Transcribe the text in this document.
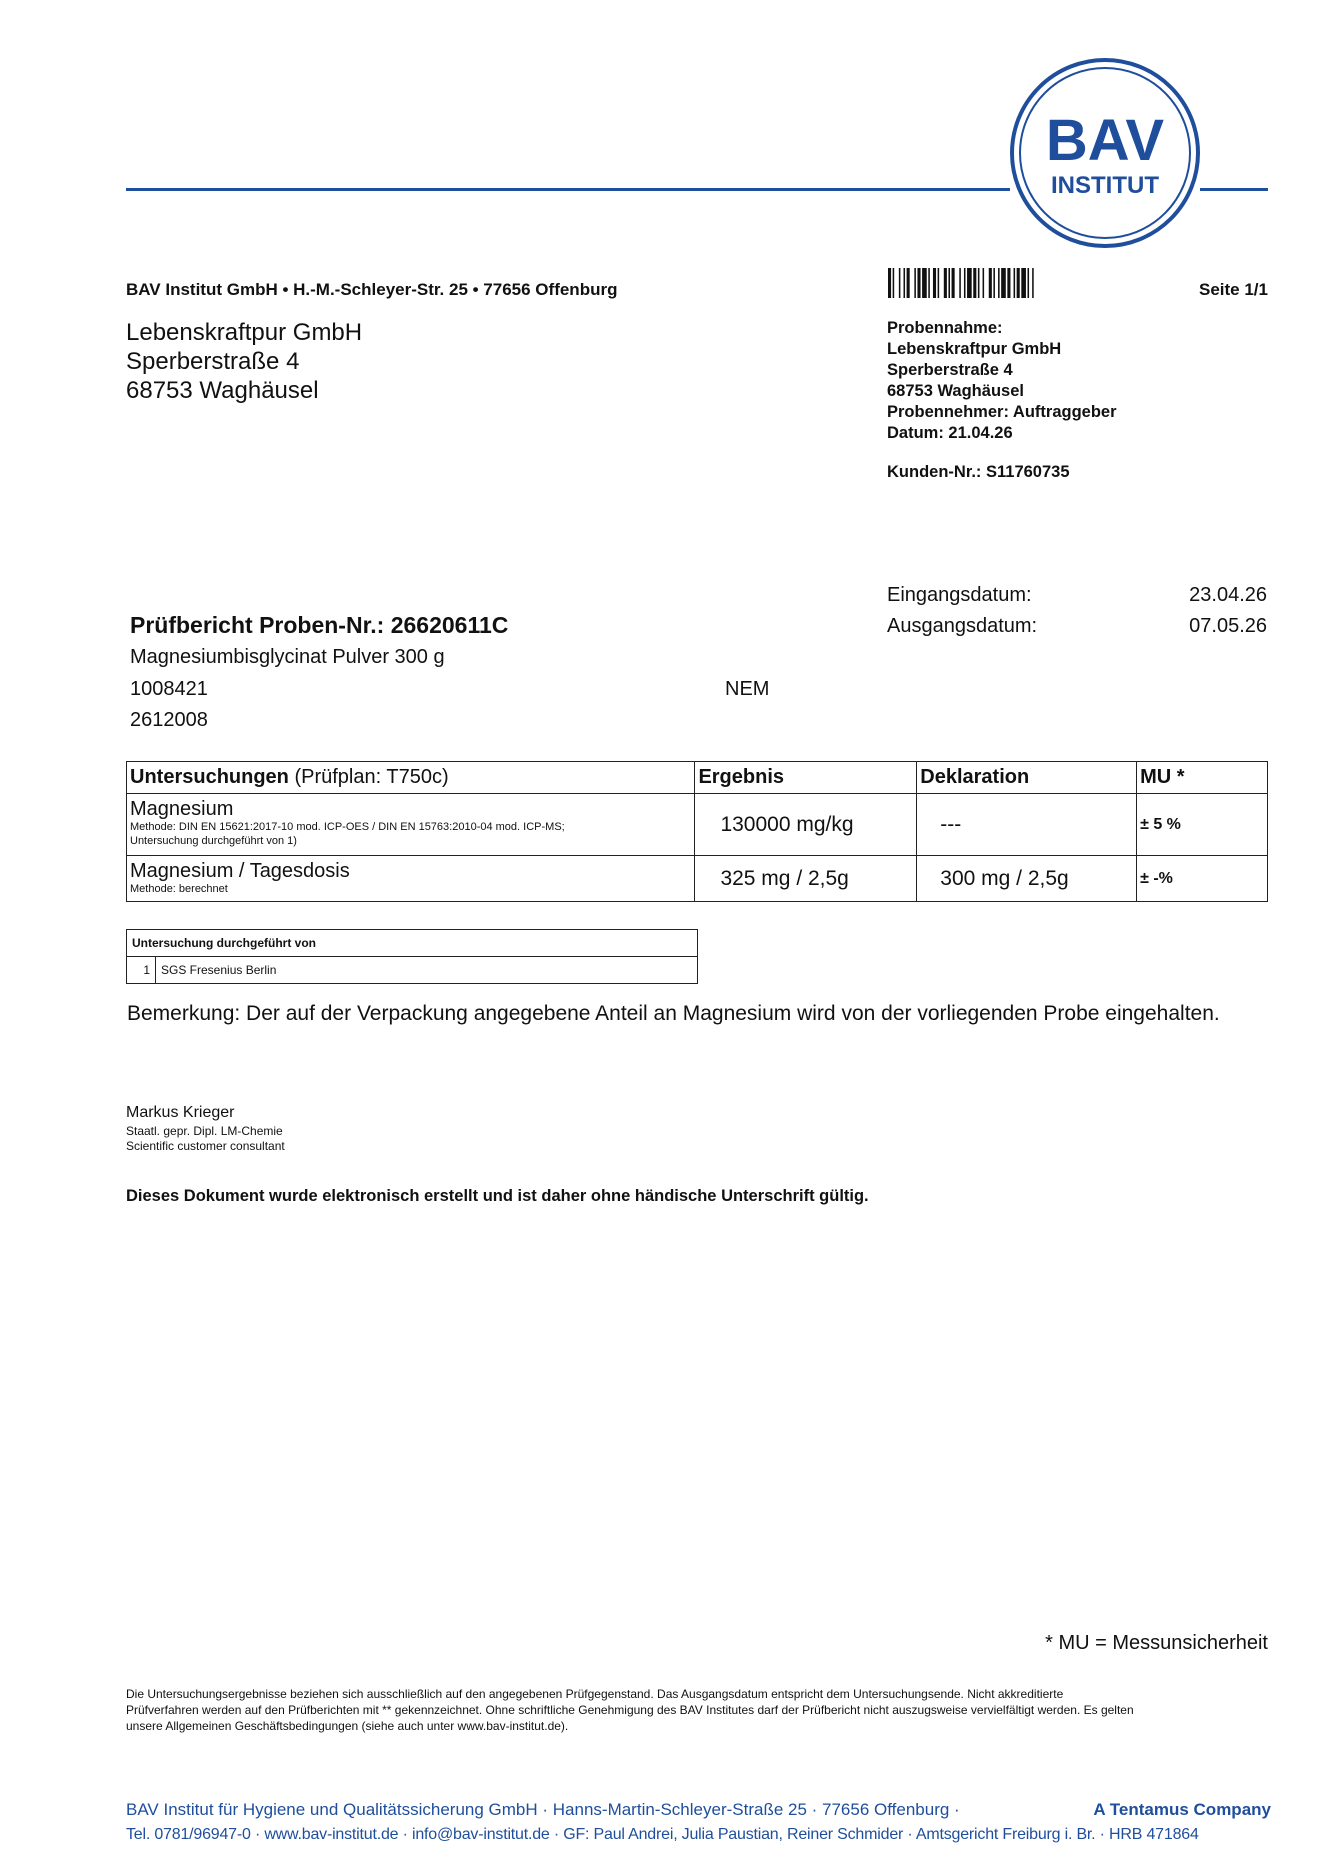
BAV
INSTITUT
BAV Institut GmbH • H.-M.-Schleyer-Str. 25 • 77656 Offenburg	Seite 1/1
Lebenskraftpur GmbH
Sperberstraße 4
68753 Waghäusel
Probennahme:
Lebenskraftpur GmbH
Sperberstraße 4
68753 Waghäusel
Probennehmer: Auftraggeber
Datum: 21.04.26
Kunden-Nr.: S11760735
Eingangsdatum:	23.04.26
Ausgangsdatum:	07.05.26
Prüfbericht Proben-Nr.: 26620611C
Magnesiumbisglycinat Pulver 300 g
1008421	NEM
2612008
Untersuchungen (Prüfplan: T750c)	Ergebnis	Deklaration	MU *

Magnesium
Methode: DIN EN 15621:2017-10 mod. ICP-OES / DIN EN 15763:2010-04 mod. ICP-MS;
Untersuchung durchgeführt von 1)	130000 mg/kg	---	± 5 %

Magnesium / Tagesdosis
Methode: berechnet	325 mg / 2,5g	300 mg / 2,5g	± -%
Untersuchung durchgeführt von
1	SGS Fresenius Berlin
Bemerkung: Der auf der Verpackung angegebene Anteil an Magnesium wird von der vorliegenden Probe eingehalten.
Markus Krieger
Staatl. gepr. Dipl. LM-Chemie
Scientific customer consultant
Dieses Dokument wurde elektronisch erstellt und ist daher ohne händische Unterschrift gültig.
* MU = Messunsicherheit
Die Untersuchungsergebnisse beziehen sich ausschließlich auf den angegebenen Prüfgegenstand. Das Ausgangsdatum entspricht dem Untersuchungsende. Nicht akkreditierte
Prüfverfahren werden auf den Prüfberichten mit ** gekennzeichnet. Ohne schriftliche Genehmigung des BAV Institutes darf der Prüfbericht nicht auszugsweise vervielfältigt werden. Es gelten
unsere Allgemeinen Geschäftsbedingungen (siehe auch unter www.bav-institut.de).
BAV Institut für Hygiene und Qualitätssicherung GmbH · Hanns-Martin-Schleyer-Straße 25 · 77656 Offenburg ·	A Tentamus Company
Tel. 0781/96947-0 · www.bav-institut.de · info@bav-institut.de · GF: Paul Andrei, Julia Paustian, Reiner Schmider · Amtsgericht Freiburg i. Br. · HRB 471864
